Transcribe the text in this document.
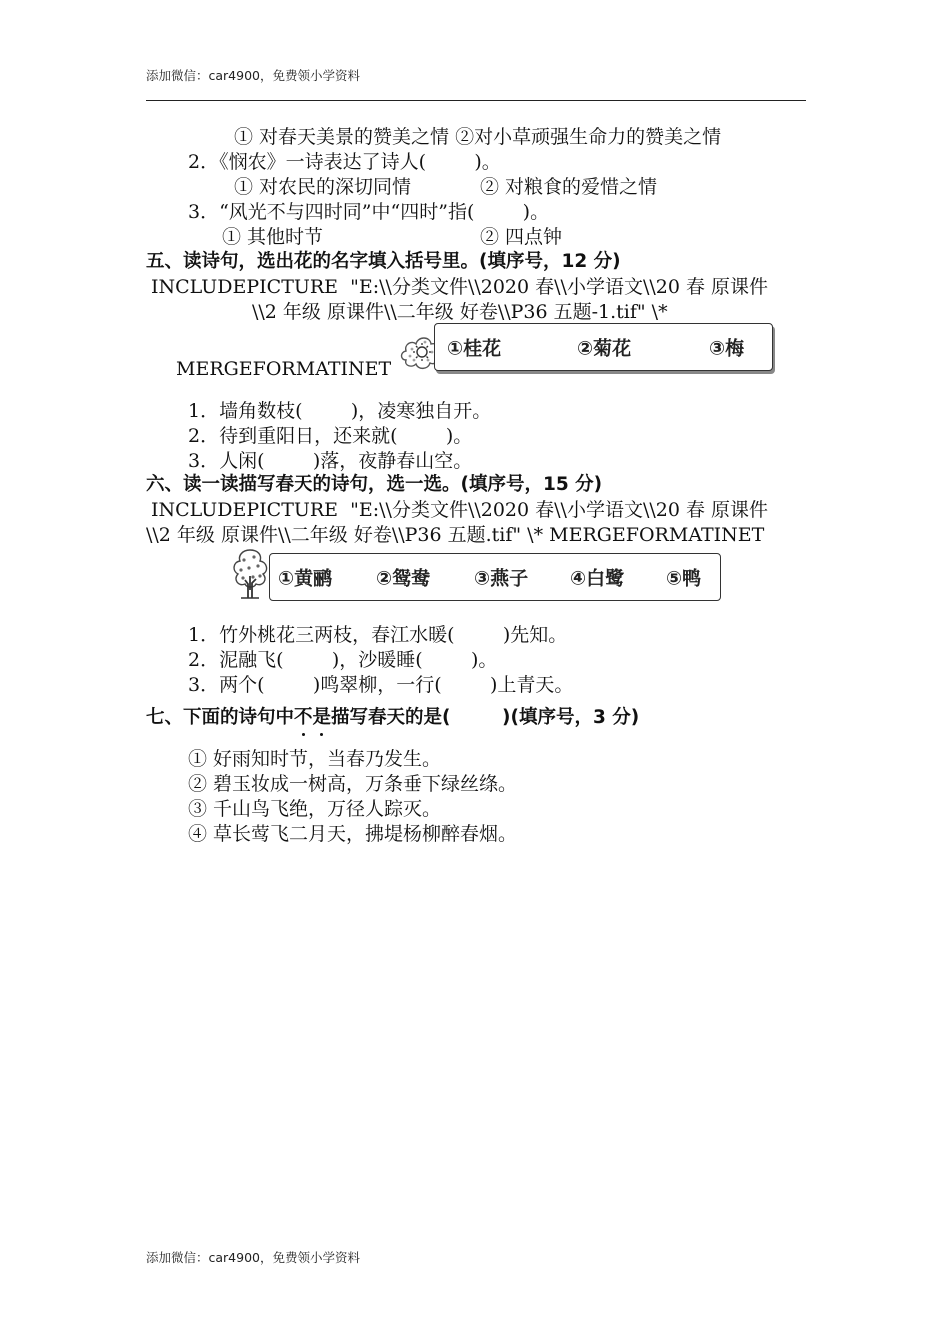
添加微信：car4900，免费领小学资料
① 对春天美景的赞美之情 ②对小草顽强生命力的赞美之情
2．《悯农》一诗表达了诗人(        )。
① 对农民的深切同情	② 对粮食的爱惜之情
3．“风光不与四时同”中“四时”指(        )。
① 其他时节	② 四点钟
五、读诗句，选出花的名字填入括号里。(填序号，12 分)
INCLUDEPICTURE  "E:\\分类文件\\2020 春\\小学语文\\20 春 原课件
\\2 年级 原课件\\二年级 好卷\\P36 五题-1.tif" \*
MERGEFORMATINET
①桂花	②菊花	③梅
1．墙角数枝(        )，凌寒独自开。
2．待到重阳日，还来就(        )。
3．人闲(        )落，夜静春山空。
六、读一读描写春天的诗句，选一选。(填序号，15 分)
INCLUDEPICTURE  "E:\\分类文件\\2020 春\\小学语文\\20 春 原课件
\\2 年级 原课件\\二年级 好卷\\P36 五题.tif" \* MERGEFORMATINET
①黄鹂 ②鸳鸯 ③燕子 ④白鹭 ⑤鸭
1．竹外桃花三两枝，春江水暖(        )先知。
2．泥融飞(        )，沙暖睡(        )。
3．两个(        )鸣翠柳，一行(        )上青天。
七、下面的诗句中不是描写春天的是(        )(填序号，3 分)
① 好雨知时节，当春乃发生。
② 碧玉妆成一树高，万条垂下绿丝绦。
③ 千山鸟飞绝，万径人踪灭。
④ 草长莺飞二月天，拂堤杨柳醉春烟。
添加微信：car4900，免费领小学资料
